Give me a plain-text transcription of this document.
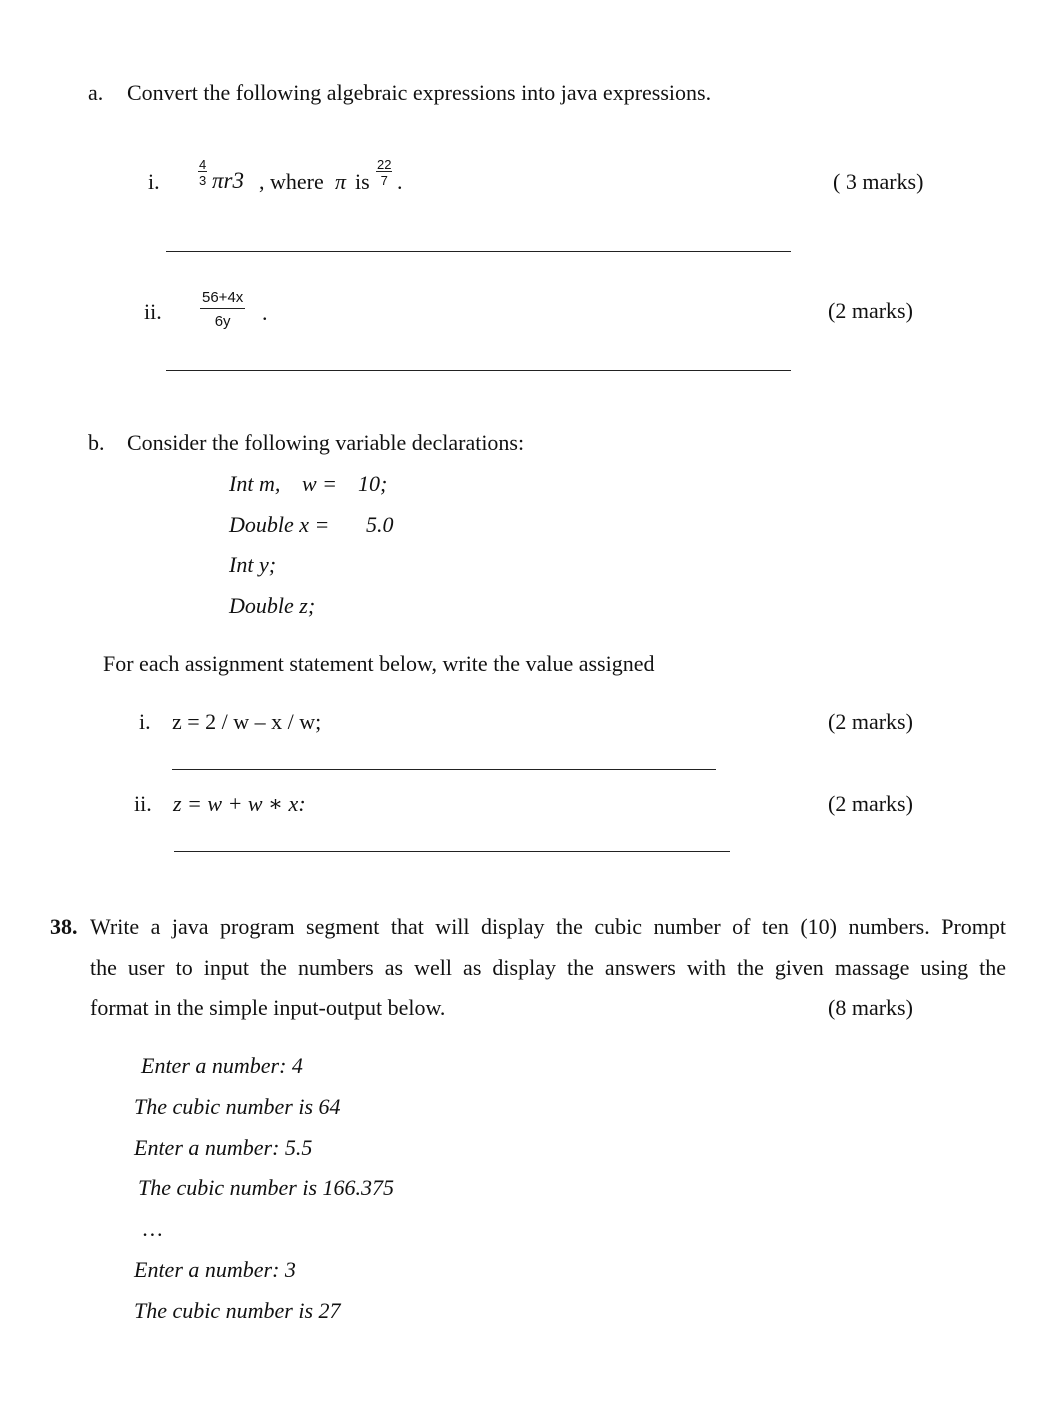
a. Convert the following algebraic expressions into java expressions.
i.	$\frac{4}{3} \pi r3$ , where π is $\frac{22}{7}$ .	( 3 marks)
ii.	$\frac{56+4x}{6y}$ .	(2 marks)
b. Consider the following variable declarations:
Int m, w = 10;
Double x = 5.0
Int y;
Double z;
For each assignment statement below, write the value assigned
i. z = 2 / w – x / w;	(2 marks)
ii. z = w + w ∗ x:	(2 marks)
38. Write a java program segment that will display the cubic number of ten (10) numbers. Prompt
the user to input the numbers as well as display the answers with the given massage using the
format in the simple input-output below.	(8 marks)
Enter a number: 4
The cubic number is 64
Enter a number: 5.5
The cubic number is 166.375
…
Enter a number: 3
The cubic number is 27
